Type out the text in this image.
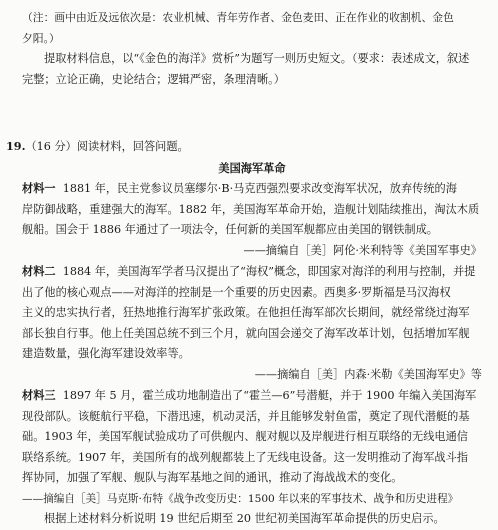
（注：画中由近及远依次是：农业机械、青年劳作者、金色麦田、正在作业的收割机、金色

夕阳。）

提取材料信息，以“《金色的海洋》赏析”为题写一则历史短文。（要求：表述成文，叙述

完整；立论正确，史论结合；逻辑严密，条理清晰。）

19.（16 分）阅读材料，回答问题。

美国海军革命

材料一 1881 年，民主党参议员塞缪尔·B·马克西强烈要求改变海军状况，放弃传统的海

岸防御战略，重建强大的海军。1882 年，美国海军革命开始，造舰计划陆续推出，淘汰木质

舰船。国会于 1886 年通过了一项法令，任何新的美国军舰都应由美国的钢铁制成。

——摘编自［美］阿伦·米利特等《美国军事史》

材料二 1884 年，美国海军学者马汉提出了“海权”概念，即国家对海洋的利用与控制，并提

出了他的核心观点——对海洋的控制是一个重要的历史因素。西奥多·罗斯福是马汉海权

主义的忠实执行者，狂热地推行海军扩张政策。在他担任海军部次长期间，就经常绕过海军

部长独自行事。他上任美国总统不到三个月，就向国会递交了海军改革计划，包括增加军舰

建造数量，强化海军建设效率等。

——摘编自［美］内森·米勒《美国海军史》等

材料三 1897 年 5 月，霍兰成功地制造出了“霍兰—6”号潜艇，并于 1900 年编入美国海军

现役部队。该艇航行平稳，下潜迅速，机动灵活，并且能够发射鱼雷，奠定了现代潜艇的基

础。1903 年，美国军舰试验成功了可供舰内、舰对舰以及岸舰进行相互联络的无线电通信

联络系统。1907 年，美国所有的战列舰都装上了无线电设备。这一发明推动了海军战斗指

挥协同，加强了军舰、舰队与海军基地之间的通讯，推动了海战战术的变化。

——摘编自［美］马克斯·布特《战争改变历史：1500 年以来的军事技术、战争和历史进程》

根据上述材料分析说明 19 世纪后期至 20 世纪初美国海军革命提供的历史启示。
